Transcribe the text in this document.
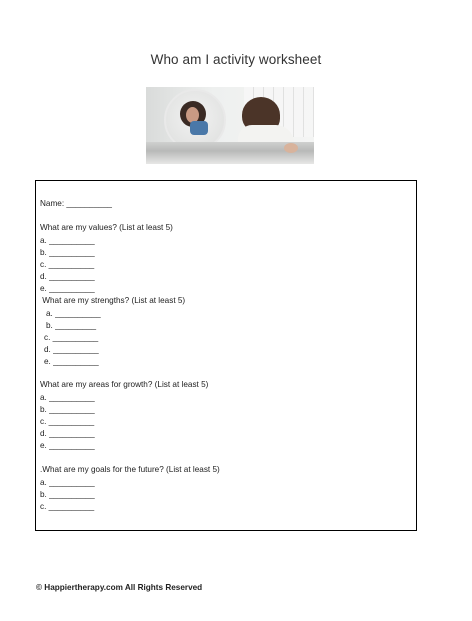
Who am I activity worksheet
Name: __________
What are my values? (List at least 5)
a. __________
b. __________
c. __________
d. __________
e. __________
What are my strengths? (List at least 5)
a. __________
b. _________
c. __________
d. __________
e. __________
What are my areas for growth? (List at least 5)
a. __________
b. __________
c. __________
d. __________
e. __________
.What are my goals for the future? (List at least 5)
a. __________
b. __________
c. __________
© Happiertherapy.com All Rights Reserved
